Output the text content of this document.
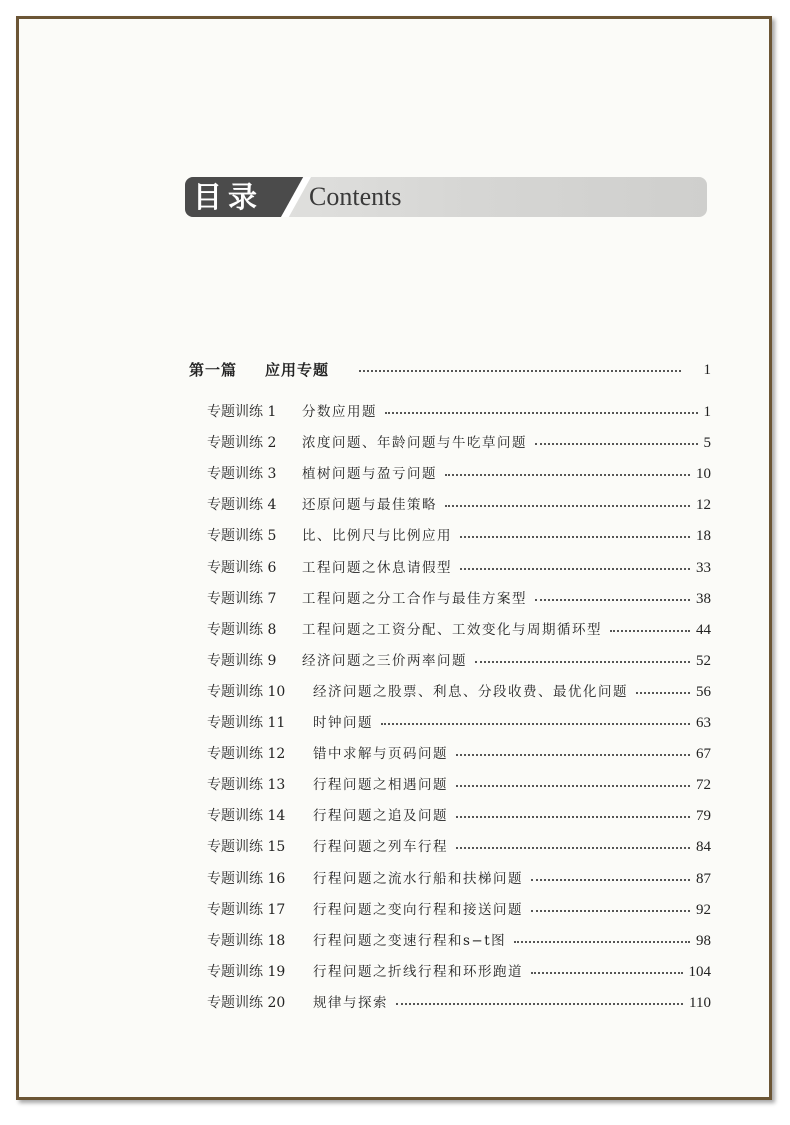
目录 Contents
第一篇 应用专题	1
专题训练 1 分数应用题	1
专题训练 2 浓度问题、年龄问题与牛吃草问题	5
专题训练 3 植树问题与盈亏问题	10
专题训练 4 还原问题与最佳策略	12
专题训练 5 比、比例尺与比例应用	18
专题训练 6 工程问题之休息请假型	33
专题训练 7 工程问题之分工合作与最佳方案型	38
专题训练 8 工程问题之工资分配、工效变化与周期循环型	44
专题训练 9 经济问题之三价两率问题	52
专题训练 10 经济问题之股票、利息、分段收费、最优化问题	56
专题训练 11 时钟问题	63
专题训练 12 错中求解与页码问题	67
专题训练 13 行程问题之相遇问题	72
专题训练 14 行程问题之追及问题	79
专题训练 15 行程问题之列车行程	84
专题训练 16 行程问题之流水行船和扶梯问题	87
专题训练 17 行程问题之变向行程和接送问题	92
专题训练 18 行程问题之变速行程和s−t图	98
专题训练 19 行程问题之折线行程和环形跑道	104
专题训练 20 规律与探索	110
